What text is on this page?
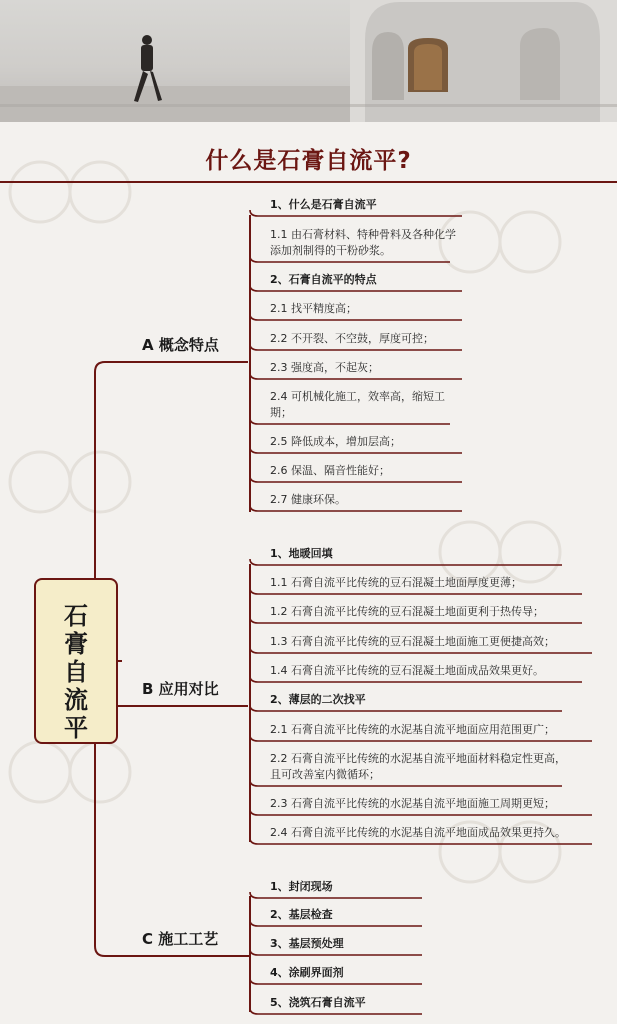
什么是石膏自流平?
石
膏
自
流
平
A 概念特点
B 应用对比
C 施工工艺
1、什么是石膏自流平
1.1 由石膏材料、特种骨料及各种化学添加剂制得的干粉砂浆。
2、石膏自流平的特点
2.1 找平精度高；
2.2 不开裂、不空鼓，厚度可控；
2.3 强度高，不起灰；
2.4 可机械化施工，效率高，缩短工期；
2.5 降低成本，增加层高；
2.6 保温、隔音性能好；
2.7 健康环保。
1、地暖回填
1.1 石膏自流平比传统的豆石混凝土地面厚度更薄；
1.2 石膏自流平比传统的豆石混凝土地面更利于热传导；
1.3 石膏自流平比传统的豆石混凝土地面施工更便捷高效；
1.4 石膏自流平比传统的豆石混凝土地面成品效果更好。
2、薄层的二次找平
2.1 石膏自流平比传统的水泥基自流平地面应用范围更广；
2.2 石膏自流平比传统的水泥基自流平地面材料稳定性更高，且可改善室内微循环；
2.3 石膏自流平比传统的水泥基自流平地面施工周期更短；
2.4 石膏自流平比传统的水泥基自流平地面成品效果更持久。
1、封闭现场
2、基层检查
3、基层预处理
4、涂刷界面剂
5、浇筑石膏自流平
